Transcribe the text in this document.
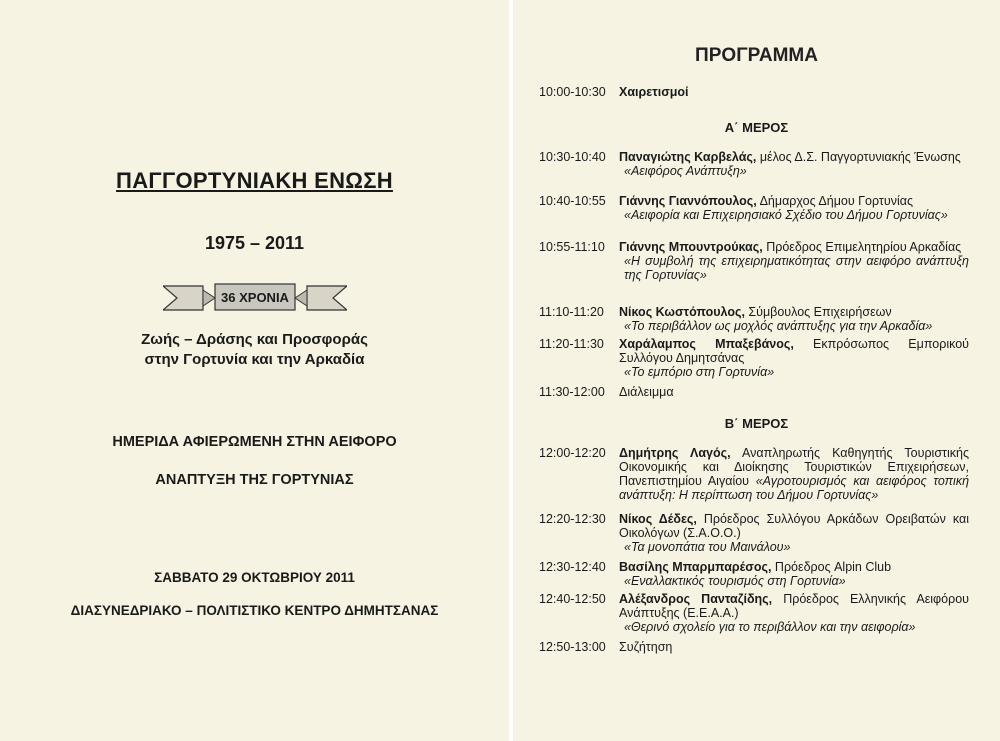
ΠΑΓΓΟΡΤΥΝΙΑΚΗ ΕΝΩΣΗ
1975 – 2011
36 ΧΡΟΝΙΑ
Ζωής – Δράσης και Προσφοράς
στην Γορτυνία και την Αρκαδία
ΗΜΕΡΙΔΑ ΑΦΙΕΡΩΜΕΝΗ ΣΤΗΝ ΑΕΙΦΟΡΟ
ΑΝΑΠΤΥΞΗ ΤΗΣ ΓΟΡΤΥΝΙΑΣ
ΣΑΒΒΑΤΟ 29 ΟΚΤΩΒΡΙΟΥ 2011
ΔΙΑΣΥΝΕΔΡΙΑΚΟ – ΠΟΛΙΤΙΣΤΙΚΟ ΚΕΝΤΡΟ ΔΗΜΗΤΣΑΝΑΣ
ΠΡΟΓΡΑΜΜΑ
10:00-10:30	Χαιρετισμοί
Α΄ ΜΕΡΟΣ
10:30-10:40	Παναγιώτης Καρβελάς, μέλος Δ.Σ. Παγγορτυνιακής Ένωσης
«Αειφόρος Ανάπτυξη»
10:40-10:55	Γιάννης Γιαννόπουλος, Δήμαρχος Δήμου Γορτυνίας
«Αειφορία και Επιχειρησιακό Σχέδιο του Δήμου Γορτυνίας»
10:55-11:10	Γιάννης Μπουντρούκας, Πρόεδρος Επιμελητηρίου Αρκαδίας
«Η συμβολή της επιχειρηματικότητας στην αειφόρο ανάπτυξη της Γορτυνίας»
11:10-11:20	Νίκος Κωστόπουλος, Σύμβουλος Επιχειρήσεων
«Το περιβάλλον ως μοχλός ανάπτυξης για την Αρκαδία»
11:20-11:30	Χαράλαμπος Μπαξεβάνος, Εκπρόσωπος Εμπορικού Συλλόγου Δημητσάνας
«Το εμπόριο στη Γορτυνία»
11:30-12:00	Διάλειμμα
Β΄ ΜΕΡΟΣ
12:00-12:20	Δημήτρης Λαγός, Αναπληρωτής Καθηγητής Τουριστικής Οικονομικής και Διοίκησης Τουριστικών Επιχειρήσεων, Πανεπιστημίου Αιγαίου «Αγροτουρισμός και αειφόρος τοπική ανάπτυξη: Η περίπτωση του Δήμου Γορτυνίας»
12:20-12:30	Νίκος Δέδες, Πρόεδρος Συλλόγου Αρκάδων Ορειβατών και Οικολόγων (Σ.Α.Ο.Ο.)
«Τα μονοπάτια του Μαινάλου»
12:30-12:40	Βασίλης Μπαρμπαρέσος, Πρόεδρος Alpin Club
«Εναλλακτικός τουρισμός στη Γορτυνία»
12:40-12:50	Αλέξανδρος Πανταζίδης, Πρόεδρος Ελληνικής Αειφόρου Ανάπτυξης (Ε.Ε.Α.Α.)
«Θερινό σχολείο για το περιβάλλον και την αειφορία»
12:50-13:00	Συζήτηση
